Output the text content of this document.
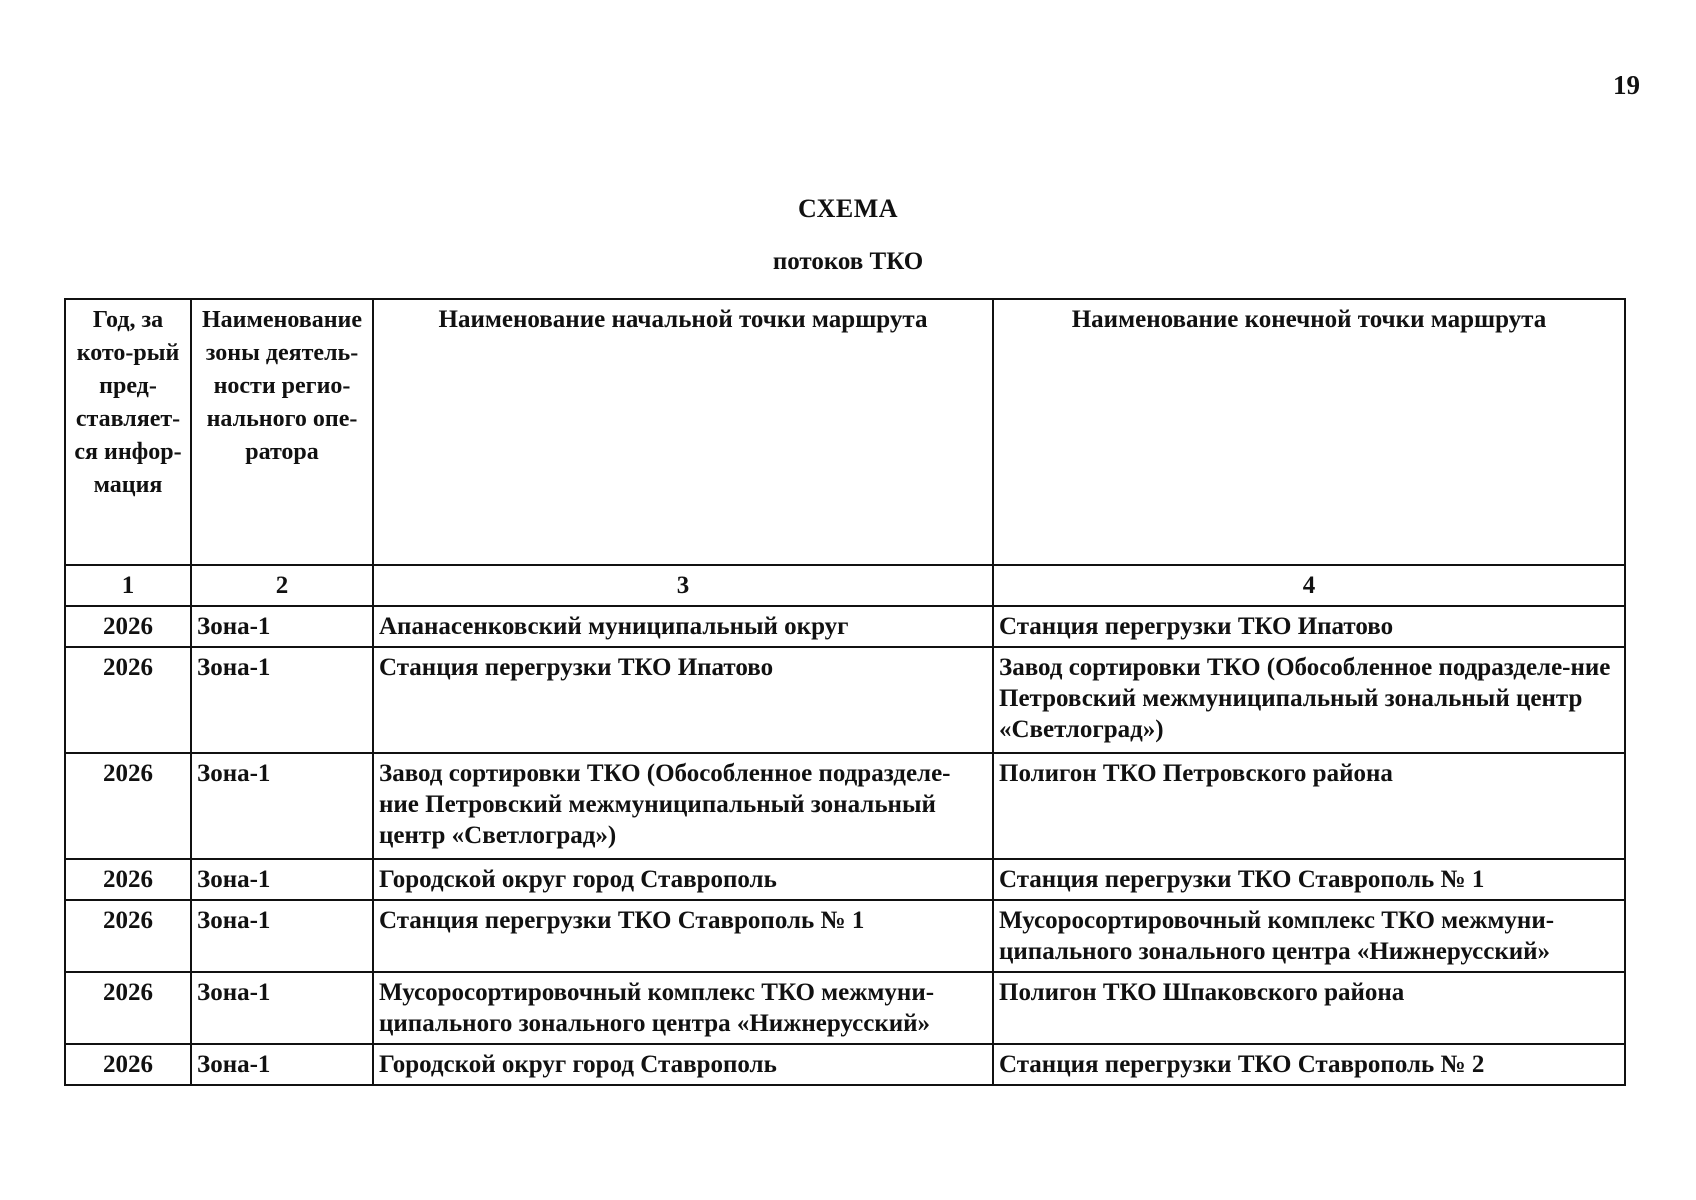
19
СХЕМА
потоков ТКО
Год, за кото-рый пред-ставляет-ся инфор-мация	Наименование зоны деятель-ности регио-нального опе-ратора	Наименование начальной точки маршрута	Наименование конечной точки маршрута
1	2	3	4
2026	Зона-1	Апанасенковский муниципальный округ	Станция перегрузки ТКО Ипатово
2026	Зона-1	Станция перегрузки ТКО Ипатово	Завод сортировки ТКО (Обособленное подразделе-ние Петровский межмуниципальный зональный центр «Светлоград»)
2026	Зона-1	Завод сортировки ТКО (Обособленное подразделе-ние Петровский межмуниципальный зональный центр «Светлоград»)	Полигон ТКО Петровского района
2026	Зона-1	Городской округ город Ставрополь	Станция перегрузки ТКО Ставрополь № 1
2026	Зона-1	Станция перегрузки ТКО Ставрополь № 1	Мусоросортировочный комплекс ТКО межмуни-ципального зонального центра «Нижнерусский»
2026	Зона-1	Мусоросортировочный комплекс ТКО межмуни-ципального зонального центра «Нижнерусский»	Полигон ТКО Шпаковского района
2026	Зона-1	Городской округ город Ставрополь	Станция перегрузки ТКО Ставрополь № 2
